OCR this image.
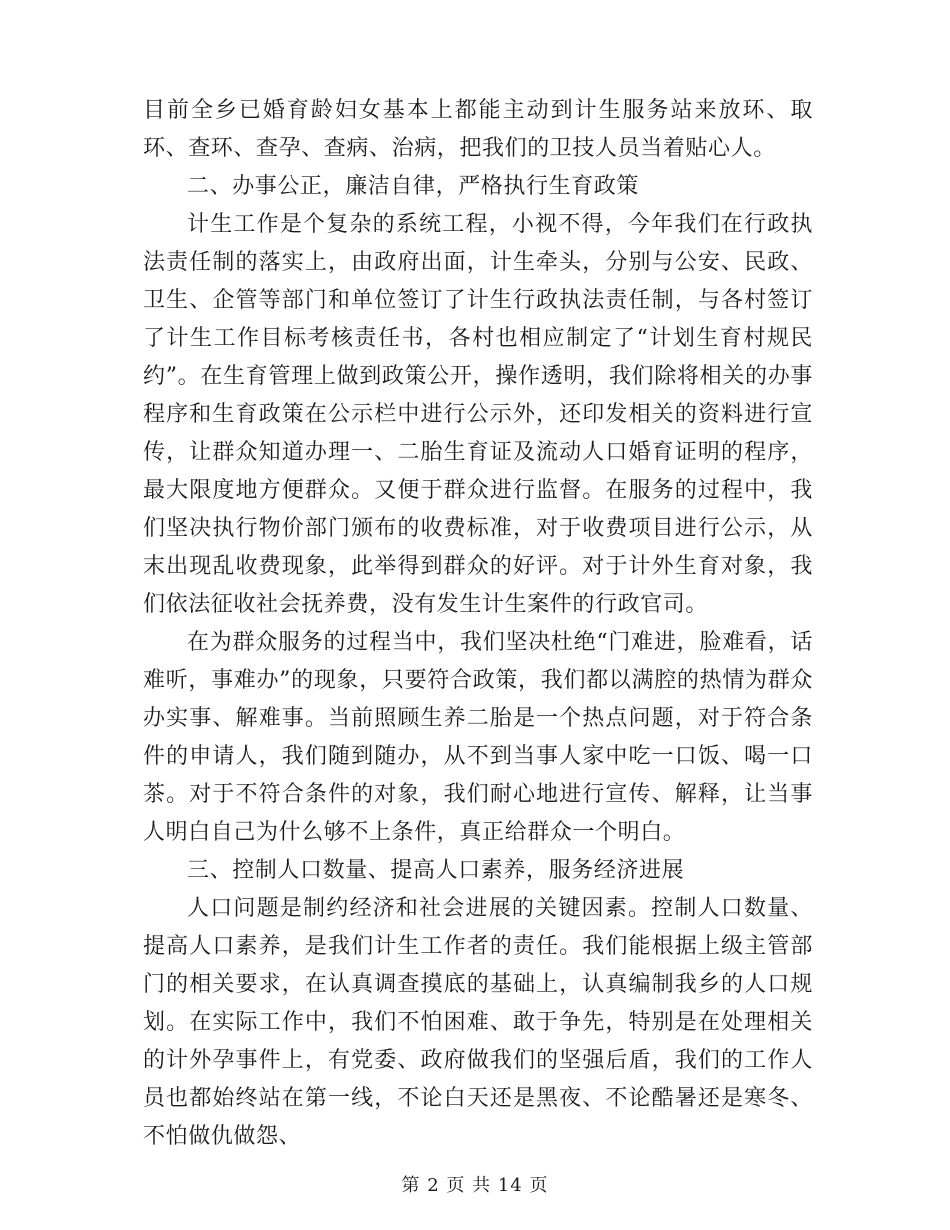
目前全乡已婚育龄妇女基本上都能主动到计生服务站来放环、取环、查环、查孕、查病、治病，把我们的卫技人员当着贴心人。

二、办事公正，廉洁自律，严格执行生育政策

计生工作是个复杂的系统工程，小视不得，今年我们在行政执法责任制的落实上，由政府出面，计生牵头，分别与公安、民政、卫生、企管等部门和单位签订了计生行政执法责任制，与各村签订了计生工作目标考核责任书，各村也相应制定了“计划生育村规民约”。在生育管理上做到政策公开，操作透明，我们除将相关的办事程序和生育政策在公示栏中进行公示外，还印发相关的资料进行宣传，让群众知道办理一、二胎生育证及流动人口婚育证明的程序，最大限度地方便群众。又便于群众进行监督。在服务的过程中，我们坚决执行物价部门颁布的收费标准，对于收费项目进行公示，从末出现乱收费现象，此举得到群众的好评。对于计外生育对象，我们依法征收社会抚养费，没有发生计生案件的行政官司。

在为群众服务的过程当中，我们坚决杜绝“门难进，脸难看，话难听，事难办”的现象，只要符合政策，我们都以满腔的热情为群众办实事、解难事。当前照顾生养二胎是一个热点问题，对于符合条件的申请人，我们随到随办，从不到当事人家中吃一口饭、喝一口茶。对于不符合条件的对象，我们耐心地进行宣传、解释，让当事人明白自己为什么够不上条件，真正给群众一个明白。

三、控制人口数量、提高人口素养，服务经济进展

人口问题是制约经济和社会进展的关键因素。控制人口数量、提高人口素养，是我们计生工作者的责任。我们能根据上级主管部门的相关要求，在认真调查摸底的基础上，认真编制我乡的人口规划。在实际工作中，我们不怕困难、敢于争先，特别是在处理相关的计外孕事件上，有党委、政府做我们的坚强后盾，我们的工作人员也都始终站在第一线，不论白天还是黑夜、不论酷暑还是寒冬、不怕做仇做怨、

第 2 页 共 14 页
